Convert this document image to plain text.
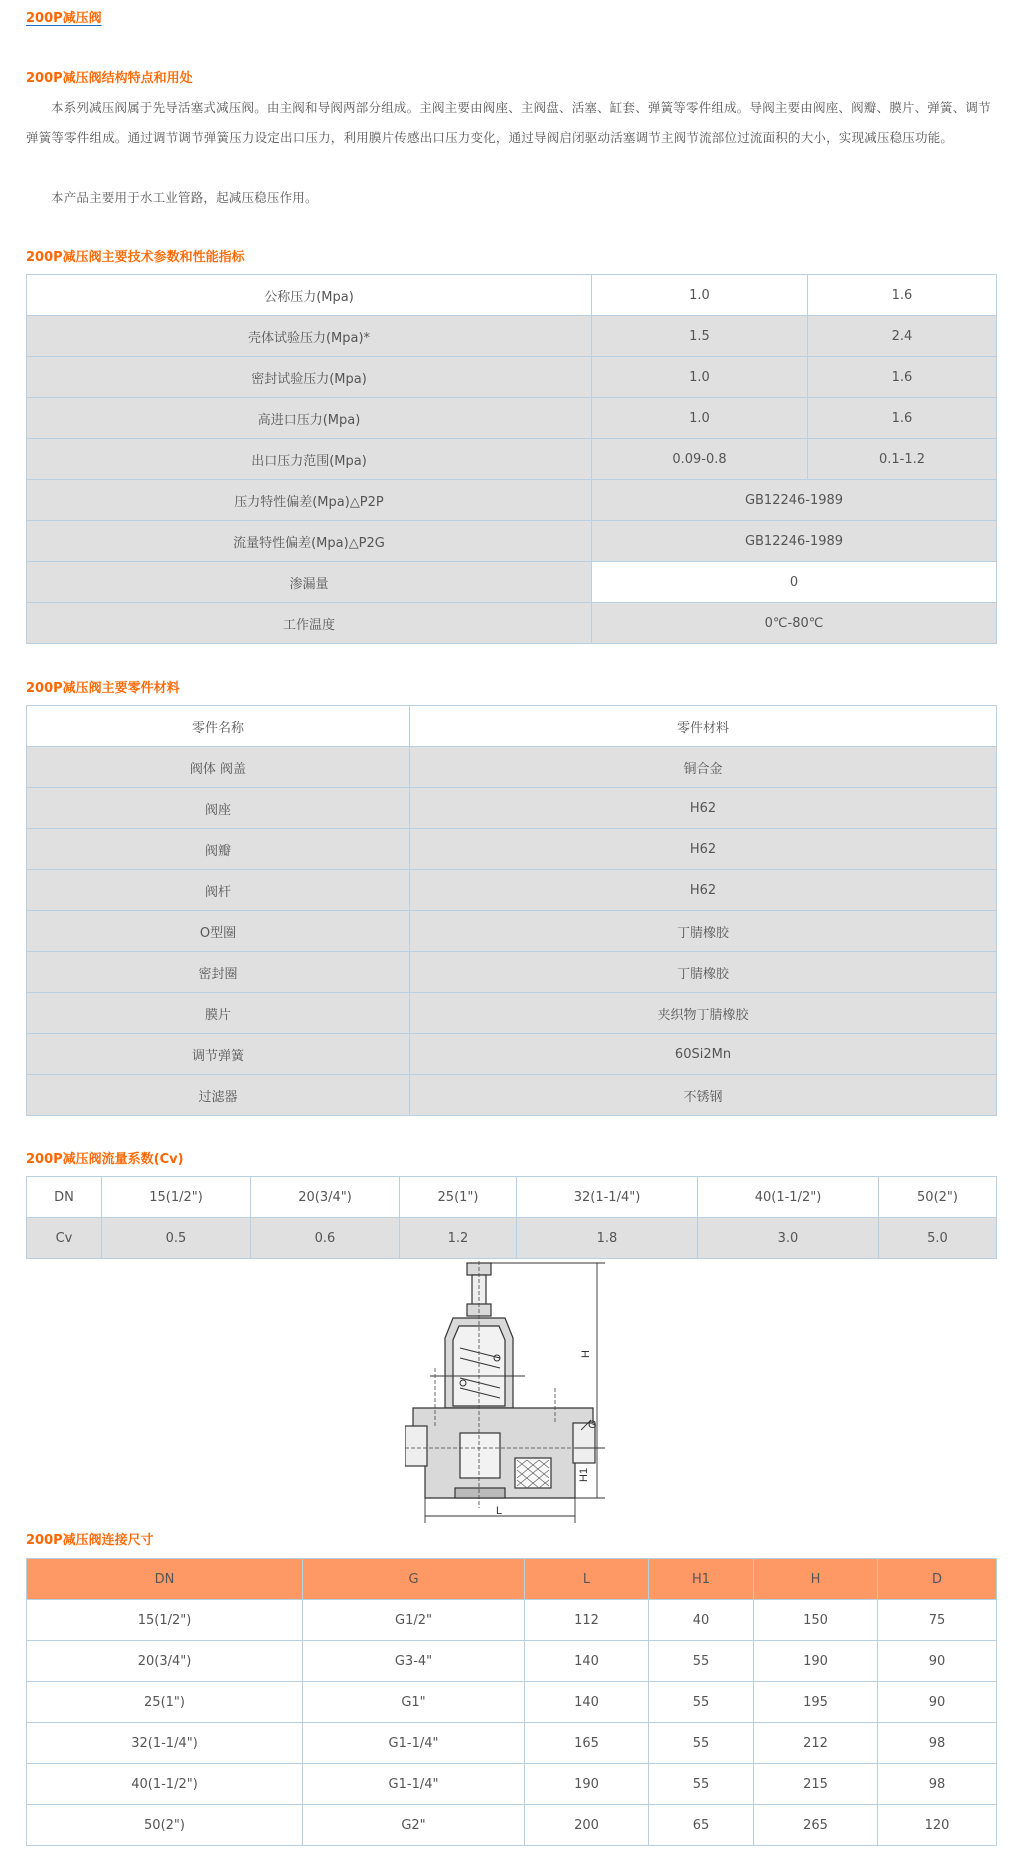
200P减压阀
200P减压阀结构特点和用处

本系列减压阀属于先导活塞式减压阀。由主阀和导阀两部分组成。主阀主要由阀座、主阀盘、活塞、缸套、弹簧等零件组成。导阀主要由阀座、阀瓣、膜片、弹簧、调节弹簧等零件组成。通过调节调节弹簧压力设定出口压力，利用膜片传感出口压力变化，通过导阀启闭驱动活塞调节主阀节流部位过流面积的大小，实现减压稳压功能。

本产品主要用于水工业管路，起减压稳压作用。

200P减压阀主要技术参数和性能指标
公称压力(Mpa)	1.0	1.6
壳体试验压力(Mpa)*	1.5	2.4
密封试验压力(Mpa)	1.0	1.6
高进口压力(Mpa)	1.0	1.6
出口压力范围(Mpa)	0.09-0.8	0.1-1.2
压力特性偏差(Mpa)△P2P	GB12246-1989	
流量特性偏差(Mpa)△P2G	GB12246-1989	
渗漏量	0	
工作温度	0℃-80℃	
200P减压阀主要零件材料
零件名称	零件材料
阀体 阀盖	铜合金
阀座	H62
阀瓣	H62
阀杆	H62
O型圈	丁腈橡胶
密封圈	丁腈橡胶
膜片	夹织物丁腈橡胶
调节弹簧	60Si2Mn
过滤器	不锈钢
200P减压阀流量系数(Cv)
DN	15(1/2")	20(3/4")	25(1")	32(1-1/4")	40(1-1/2")	50(2")
Cv	0.5	0.6	1.2	1.8	3.0	5.0
H
H1
G
L
200P减压阀连接尺寸
DN	G	L	H1	H	D
15(1/2")	G1/2"	112	40	150	75
20(3/4")	G3-4"	140	55	190	90
25(1")	G1"	140	55	195	90
32(1-1/4")	G1-1/4"	165	55	212	98
40(1-1/2")	G1-1/4"	190	55	215	98
50(2")	G2"	200	65	265	120
